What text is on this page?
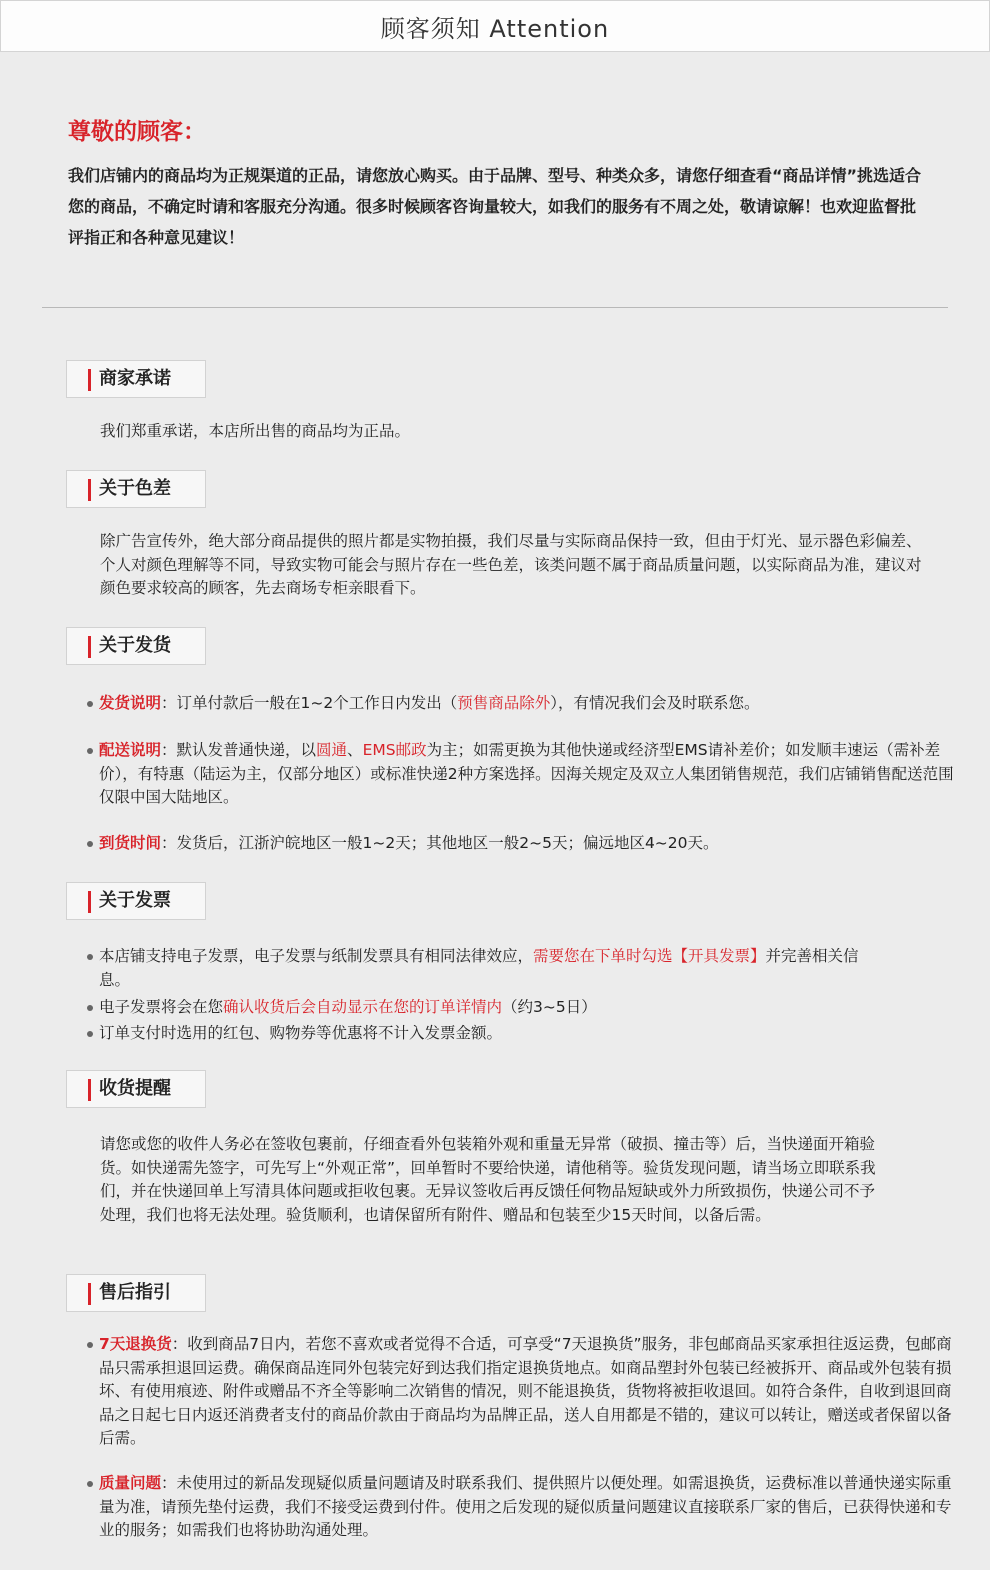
顾客须知 Attention
尊敬的顾客：
我们店铺内的商品均为正规渠道的正品，请您放心购买。由于品牌、型号、种类众多，请您仔细查看“商品详情”挑选适合您的商品，不确定时请和客服充分沟通。很多时候顾客咨询量较大，如我们的服务有不周之处，敬请谅解！也欢迎监督批评指正和各种意见建议！
商家承诺
我们郑重承诺，本店所出售的商品均为正品。
关于色差
除广告宣传外，绝大部分商品提供的照片都是实物拍摄，我们尽量与实际商品保持一致，但由于灯光、显示器色彩偏差、个人对颜色理解等不同，导致实物可能会与照片存在一些色差，该类问题不属于商品质量问题，以实际商品为准，建议对颜色要求较高的顾客，先去商场专柜亲眼看下。
关于发货
发货说明：订单付款后一般在1~2个工作日内发出（预售商品除外），有情况我们会及时联系您。
配送说明：默认发普通快递，以圆通、EMS邮政为主；如需更换为其他快递或经济型EMS请补差价；如发顺丰速运（需补差价），有特惠（陆运为主，仅部分地区）或标准快递2种方案选择。因海关规定及双立人集团销售规范，我们店铺销售配送范围仅限中国大陆地区。
到货时间：发货后，江浙沪皖地区一般1~2天；其他地区一般2~5天；偏远地区4~20天。
关于发票
本店铺支持电子发票，电子发票与纸制发票具有相同法律效应，需要您在下单时勾选【开具发票】并完善相关信息。
电子发票将会在您确认收货后会自动显示在您的订单详情内（约3~5日）
订单支付时选用的红包、购物券等优惠将不计入发票金额。
收货提醒
请您或您的收件人务必在签收包裹前，仔细查看外包装箱外观和重量无异常（破损、撞击等）后，当快递面开箱验货。如快递需先签字，可先写上“外观正常”，回单暂时不要给快递，请他稍等。验货发现问题，请当场立即联系我们，并在快递回单上写清具体问题或拒收包裹。无异议签收后再反馈任何物品短缺或外力所致损伤，快递公司不予处理，我们也将无法处理。验货顺利，也请保留所有附件、赠品和包装至少15天时间，以备后需。
售后指引
7天退换货：收到商品7日内，若您不喜欢或者觉得不合适，可享受“7天退换货”服务，非包邮商品买家承担往返运费，包邮商品只需承担退回运费。确保商品连同外包装完好到达我们指定退换货地点。如商品塑封外包装已经被拆开、商品或外包装有损坏、有使用痕迹、附件或赠品不齐全等影响二次销售的情况，则不能退换货，货物将被拒收退回。如符合条件，自收到退回商品之日起七日内返还消费者支付的商品价款由于商品均为品牌正品，送人自用都是不错的，建议可以转让，赠送或者保留以备后需。
质量问题：未使用过的新品发现疑似质量问题请及时联系我们、提供照片以便处理。如需退换货，运费标准以普通快递实际重量为准，请预先垫付运费，我们不接受运费到付件。使用之后发现的疑似质量问题建议直接联系厂家的售后，已获得快递和专业的服务；如需我们也将协助沟通处理。
